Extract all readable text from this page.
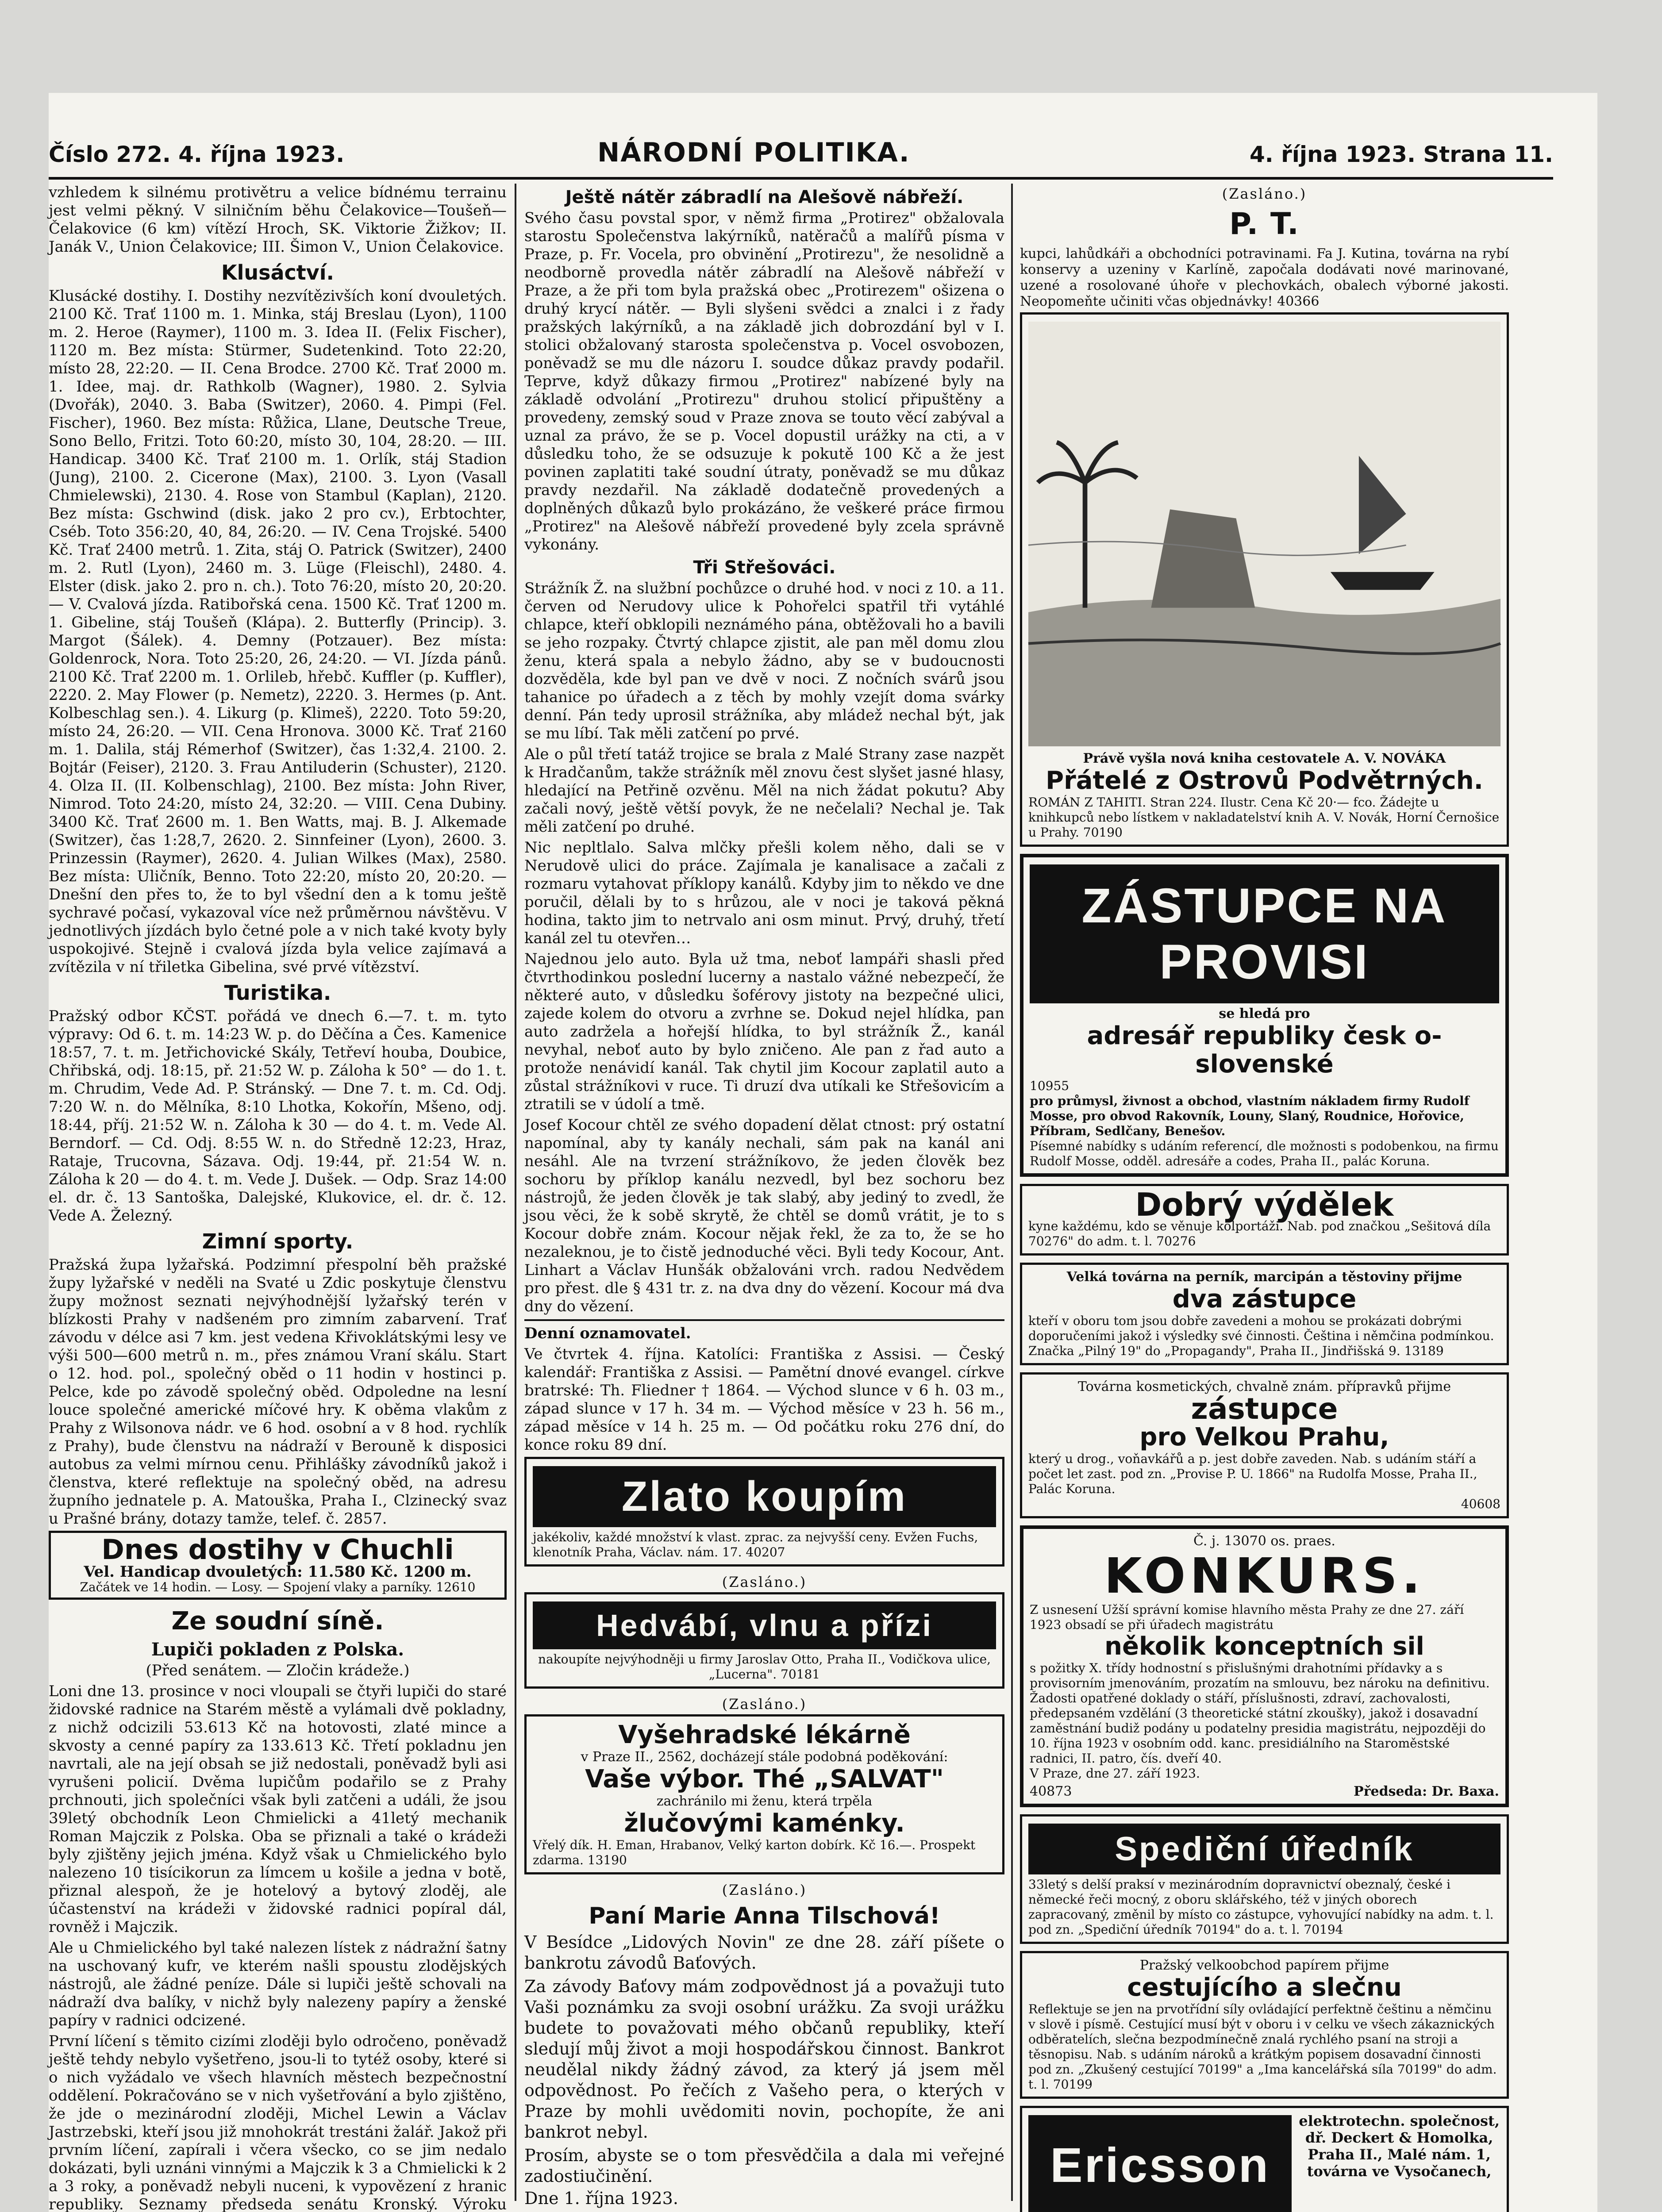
Číslo 272. 4. října 1923.	NÁRODNÍ POLITIKA.	4. října 1923. Strana 11.

vzhledem k silnému protivětru a velice bídnému terrainu jest velmi pěkný. V silničním běhu Čelakovice—Toušeň—Čelakovice (6 km) vítězí Hroch, SK. Viktorie Žižkov; II. Janák V., Union Čelakovice; III. Šimon V., Union Čelakovice.

Klusáctví.

Klusácké dostihy. I. Dostihy nezvítězivších koní dvouletých. 2100 Kč. Trať 1100 m. 1. Minka, stáj Breslau (Lyon), 1100 m. 2. Heroe (Raymer), 1100 m. 3. Idea II. (Felix Fischer), 1120 m. Bez místa: Stürmer, Sudetenkind. Toto 22:20, místo 28, 22:20. — II. Cena Brodce. 2700 Kč. Trať 2000 m. 1. Idee, maj. dr. Rathkolb (Wagner), 1980. 2. Sylvia (Dvořák), 2040. 3. Baba (Switzer), 2060. 4. Pimpi (Fel. Fischer), 1960. Bez místa: Růžica, Llane, Deutsche Treue, Sono Bello, Fritzi. Toto 60:20, místo 30, 104, 28:20. — III. Handicap. 3400 Kč. Trať 2100 m. 1. Orlík, stáj Stadion (Jung), 2100. 2. Cicerone (Max), 2100. 3. Lyon (Vasall Chmielewski), 2130. 4. Rose von Stambul (Kaplan), 2120. Bez místa: Gschwind (disk. jako 2 pro cv.), Erbtochter, Cséb. Toto 356:20, 40, 84, 26:20. — IV. Cena Trojské. 5400 Kč. Trať 2400 metrů. 1. Zita, stáj O. Patrick (Switzer), 2400 m. 2. Rutl (Lyon), 2460 m. 3. Lüge (Fleischl), 2480. 4. Elster (disk. jako 2. pro n. ch.). Toto 76:20, místo 20, 20:20. — V. Cvalová jízda. Ratibořská cena. 1500 Kč. Trať 1200 m. 1. Gibeline, stáj Toušeň (Klápa). 2. Butterfly (Princip). 3. Margot (Šálek). 4. Demny (Potzauer). Bez místa: Goldenrock, Nora. Toto 25:20, 26, 24:20. — VI. Jízda pánů. 2100 Kč. Trať 2200 m. 1. Orlileb, hřebč. Kuffler (p. Kuffler), 2220. 2. May Flower (p. Nemetz), 2220. 3. Hermes (p. Ant. Kolbeschlag sen.). 4. Likurg (p. Klimeš), 2220. Toto 59:20, místo 24, 26:20. — VII. Cena Hronova. 3000 Kč. Trať 2160 m. 1. Dalila, stáj Rémerhof (Switzer), čas 1:32,4. 2100. 2. Bojtár (Feiser), 2120. 3. Frau Antiluderin (Schuster), 2120. 4. Olza II. (II. Kolbenschlag), 2100. Bez místa: John River, Nimrod. Toto 24:20, místo 24, 32:20. — VIII. Cena Dubiny. 3400 Kč. Trať 2600 m. 1. Ben Watts, maj. B. J. Alkemade (Switzer), čas 1:28,7, 2620. 2. Sinnfeiner (Lyon), 2600. 3. Prinzessin (Raymer), 2620. 4. Julian Wilkes (Max), 2580. Bez místa: Uličník, Benno. Toto 22:20, místo 20, 20:20. — Dnešní den přes to, že to byl všední den a k tomu ještě sychravé počasí, vykazoval více než průměrnou návštěvu. V jednotlivých jízdách bylo četné pole a v nich také kvoty byly uspokojivé. Stejně i cvalová jízda byla velice zajímavá a zvítězila v ní třiletka Gibelina, své prvé vítězství.

Turistika.

Pražský odbor KČST. pořádá ve dnech 6.—7. t. m. tyto výpravy: Od 6. t. m. 14:23 W. p. do Děčína a Čes. Kamenice 18:57, 7. t. m. Jetřichovické Skály, Tetřeví houba, Doubice, Chřibská, odj. 18:15, př. 21:52 W. p. Záloha k 50° — do 1. t. m. Chrudim, Vede Ad. P. Stránský. — Dne 7. t. m. Cd. Odj. 7:20 W. n. do Mělníka, 8:10 Lhotka, Kokořín, Mšeno, odj. 18:44, příj. 21:52 W. n. Záloha k 30 — do 4. t. m. Vede Al. Berndorf. — Cd. Odj. 8:55 W. n. do Středně 12:23, Hraz, Rataje, Trucovna, Sázava. Odj. 19:44, př. 21:54 W. n. Záloha k 20 — do 4. t. m. Vede J. Dušek. — Odp. Sraz 14:00 el. dr. č. 13 Santoška, Dalejské, Klukovice, el. dr. č. 12. Vede A. Železný.

Zimní sporty.

Pražská župa lyžařská. Podzimní přespolní běh pražské župy lyžařské v neděli na Svaté u Zdic poskytuje členstvu župy možnost seznati nejvýhodnější lyžařský terén v blízkosti Prahy v nadšeném pro zimním zabarvení. Trať závodu v délce asi 7 km. jest vedena Křivoklátskými lesy ve výši 500—600 metrů n. m., přes známou Vraní skálu. Start o 12. hod. pol., společný oběd o 11 hodin v hostinci p. Pelce, kde po závodě společný oběd. Odpoledne na lesní louce společné americké míčové hry. K oběma vlakům z Prahy z Wilsonova nádr. ve 6 hod. osobní a v 8 hod. rychlík z Prahy), bude členstvu na nádraží v Berouně k disposici autobus za velmi mírnou cenu. Přihlášky závodníků jakož i členstva, které reflektuje na společný oběd, na adresu župního jednatele p. A. Matouška, Praha I., Clzinecký svaz u Prašné brány, dotazy tamže, telef. č. 2857.

Dnes dostihy v Chuchli
Vel. Handicap dvouletých: 11.580 Kč. 1200 m.
Začátek ve 14 hodin. — Losy. — Spojení vlaky a parníky. 12610
Ze soudní síně.
Lupiči pokladen z Polska.

(Před senátem. — Zločin krádeže.)

Loni dne 13. prosince v noci vloupali se čtyři lupiči do staré židovské radnice na Starém městě a vylámali dvě pokladny, z nichž odcizili 53.613 Kč na hotovosti, zlaté mince a skvosty a cenné papíry za 133.613 Kč. Třetí pokladnu jen navrtali, ale na její obsah se již nedostali, poněvadž byli asi vyrušeni policií. Dvěma lupičům podařilo se z Prahy prchnouti, jich společníci však byli zatčeni a událi, že jsou 39letý obchodník Leon Chmielicki a 41letý mechanik Roman Majczik z Polska. Oba se přiznali a také o krádeži byly zjištěny jejich jména. Když však u Chmielického bylo nalezeno 10 tisícikorun za límcem u košile a jedna v botě, přiznal alespoň, že je hotelový a bytový zloděj, ale účastenství na krádeži v židovské radnici popíral dál, rovněž i Majczik.

Ale u Chmielického byl také nalezen lístek z nádražní šatny na uschovaný kufr, ve kterém našli spoustu zlodějských nástrojů, ale žádné peníze. Dále si lupiči ještě schovali na nádraží dva balíky, v nichž byly nalezeny papíry a ženské papíry v radnici odcizené.

První líčení s těmito cizími zloději bylo odročeno, poněvadž ještě tehdy nebylo vyšetřeno, jsou-li to tytéž osoby, které si o nich vyžádalo ve všech hlavních městech bezpečnostní oddělení. Pokračováno se v nich vyšetřování a bylo zjištěno, že jde o mezinárodní zloději, Michel Lewin a Václav Jastrzebski, kteří jsou již mnohokrát trestáni žalář. Jakož při prvním líčení, zapírali i včera všecko, co se jim nedalo dokázati, byli uznáni vinnými a Majczik k 3 a Chmielicki k 2 a 3 roky, a poněvadž nebyli nuceni, k vypovězení z hranic republiky. Seznamy předseda senátu Kronský. Výroku

Ještě nátěr zábradlí na Alešově nábřeží.

Svého času povstal spor, v němž firma „Protirez" obžalovala starostu Společenstva lakýrníků, natěračů a malířů písma v Praze, p. Fr. Vocela, pro obvinění „Protirezu", že nesolidně a neodborně provedla nátěr zábradlí na Alešově nábřeží v Praze, a že při tom byla pražská obec „Protirezem" ošizena o druhý krycí nátěr. — Byli slyšeni svědci a znalci i z řady pražských lakýrníků, a na základě jich dobrozdání byl v I. stolici obžalovaný starosta společenstva p. Vocel osvobozen, poněvadž se mu dle názoru I. soudce důkaz pravdy podařil. Teprve, když důkazy firmou „Protirez" nabízené byly na základě odvolání „Protirezu" druhou stolicí připuštěny a provedeny, zemský soud v Praze znova se touto věcí zabýval a uznal za právo, že se p. Vocel dopustil urážky na cti, a v důsledku toho, že se odsuzuje k pokutě 100 Kč a že jest povinen zaplatiti také soudní útraty, poněvadž se mu důkaz pravdy nezdařil. Na základě dodatečně provedených a doplněných důkazů bylo prokázáno, že veškeré práce firmou „Protirez" na Alešově nábřeží provedené byly zcela správně vykonány.

Tři Střešováci.

Strážník Ž. na službní pochůzce o druhé hod. v noci z 10. a 11. červen od Nerudovy ulice k Pohořelci spatřil tři vytáhlé chlapce, kteří obklopili neznámého pána, obtěžovali ho a bavili se jeho rozpaky. Čtvrtý chlapce zjistit, ale pan měl domu zlou ženu, která spala a nebylo žádno, aby se v budoucnosti dozvěděla, kde byl pan ve dvě v noci. Z nočních svárů jsou tahanice po úřadech a z těch by mohly vzejít doma svárky denní. Pán tedy uprosil strážníka, aby mládež nechal být, jak se mu líbí. Tak měli zatčení po prvé.

Ale o půl třetí tatáž trojice se brala z Malé Strany zase nazpět k Hradčanům, takže strážník měl znovu čest slyšet jasné hlasy, hledající na Petřině ozvěnu. Měl na nich žádat pokutu? Aby začali nový, ještě větší povyk, že ne nečelali? Nechal je. Tak měli zatčení po druhé.

Nic nepltlalo. Salva mlčky přešli kolem něho, dali se v Nerudově ulici do práce. Zajímala je kanalisace a začali z rozmaru vytahovat příklopy kanálů. Kdyby jim to někdo ve dne poručil, dělali by to s hrůzou, ale v noci je taková pěkná hodina, takto jim to netrvalo ani osm minut. Prvý, druhý, třetí kanál zel tu otevřen…

Najednou jelo auto. Byla už tma, neboť lampáři shasli před čtvrthodinkou poslední lucerny a nastalo vážné nebezpečí, že některé auto, v důsledku šoférovy jistoty na bezpečné ulici, zajede kolem do otvoru a zvrhne se. Dokud nejel hlídka, pan auto zadržela a hořejší hlídka, to byl strážník Ž., kanál nevyhal, neboť auto by bylo zničeno. Ale pan z řad auto a protože nenávidí kanál. Tak chytil jim Kocour zaplatil auto a zůstal strážníkovi v ruce. Ti druzí dva utíkali ke Střešovicím a ztratili se v údolí a tmě.

Josef Kocour chtěl ze svého dopadení dělat ctnost: prý ostatní napomínal, aby ty kanály nechali, sám pak na kanál ani nesáhl. Ale na tvrzení strážníkovo, že jeden člověk bez sochoru by příklop kanálu nezvedl, byl bez sochoru bez nástrojů, že jeden člověk je tak slabý, aby jediný to zvedl, že jsou věci, že k sobě skrytě, že chtěl se domů vrátit, je to s Kocour dobře znám. Kocour nějak řekl, že za to, že se ho nezaleknou, je to čistě jednoduché věci. Byli tedy Kocour, Ant. Linhart a Václav Hunšák obžalováni vrch. radou Nedvědem pro přest. dle § 431 tr. z. na dva dny do vězení. Kocour má dva dny do vězení.

Denní oznamovatel.

Ve čtvrtek 4. října. Katolíci: Františka z Assisi. — Český kalendář: Františka z Assisi. — Pamětní dnové evangel. církve bratrské: Th. Fliedner † 1864. — Východ slunce v 6 h. 03 m., západ slunce v 17 h. 34 m. — Východ měsíce v 23 h. 56 m., západ měsíce v 14 h. 25 m. — Od počátku roku 276 dní, do konce roku 89 dní.

Zlato koupím
jakékoliv, každé množství k vlast. zprac. za nejvyšší ceny. Evžen Fuchs, klenotník Praha, Václav. nám. 17. 40207
(Zasláno.)
Hedvábí, vlnu a přízi
nakoupíte nejvýhodněji u firmy Jaroslav Otto, Praha II., Vodičkova ulice, „Lucerna". 70181
(Zasláno.)
Vyšehradské lékárně
v Praze II., 2562, docházejí stále podobná poděkování:
Vaše výbor. Thé „SALVAT"
zachránilo mi ženu, která trpěla
žlučovými kaménky.
Vřelý dík. H. Eman, Hrabanov, Velký karton dobírk. Kč 16.—. Prospekt zdarma. 13190
(Zasláno.)
Paní Marie Anna Tilschová!

V Besídce „Lidových Novin" ze dne 28. září píšete o bankrotu závodů Baťových.

Za závody Baťovy mám zodpovědnost já a považuji tuto Vaši poznámku za svoji osobní urážku. Za svoji urážku budete to považovati mého občanů republiky, kteří sledují můj život a moji hospodářskou činnost. Bankrot neudělal nikdy žádný závod, za který já jsem měl odpovědnost. Po řečích z Vašeho pera, o kterých v Praze by mohli uvědomiti novin, pochopíte, že ani bankrot nebyl.

Prosím, abyste se o tom přesvědčila a dala mi veřejné zadostiučinění.

Dne 1. října 1923.

(Zasláno.)
P. T.

kupci, lahůdkáři a obchodníci potravinami. Fa J. Kutina, továrna na rybí konservy a uzeniny v Karlíně, započala dodávati nové marinované, uzené a rosolované úhoře v plechovkách, obalech výborné jakosti. Neopomeňte učiniti včas objednávky! 40366

Právě vyšla nová kniha cestovatele A. V. NOVÁKA
Přátelé z Ostrovů Podvětrných.
ROMÁN Z TAHITI. Stran 224. Ilustr. Cena Kč 20·— fco. Žádejte u knihkupců nebo lístkem v nakladatelství knih A. V. Novák, Horní Černošice u Prahy. 70190
ZÁSTUPCE NA PROVISI
se hledá pro
adresář republiky česk o-slovenské
10955
pro průmysl, živnost a obchod, vlastním nákladem firmy Rudolf Mosse, pro obvod Rakovník, Louny, Slaný, Roudnice, Hořovice, Příbram, Sedlčany, Benešov.
Písemné nabídky s udáním referencí, dle možnosti s podobenkou, na firmu Rudolf Mosse, odděl. adresáře a codes, Praha II., palác Koruna.
Dobrý výdělek
kyne každému, kdo se věnuje kolportáži. Nab. pod značkou „Sešitová díla 70276" do adm. t. l. 70276
Velká továrna na perník, marcipán a těstoviny přijme
dva zástupce
kteří v oboru tom jsou dobře zavedeni a mohou se prokázati dobrými doporučeními jakož i výsledky své činnosti. Čeština i němčina podmínkou. Značka „Pilný 19" do „Propagandy", Praha II., Jindřišská 9. 13189
Továrna kosmetických, chvalně znám. přípravků přijme
zástupce
pro Velkou Prahu,
který u drog., voňavkářů a p. jest dobře zaveden. Nab. s udáním stáří a počet let zast. pod zn. „Provise P. U. 1866" na Rudolfa Mosse, Praha II., Palác Koruna.
40608
Č. j. 13070 os. praes.
KONKURS.
Z usnesení Užší správní komise hlavního města Prahy ze dne 27. září 1923 obsadí se při úřadech magistrátu
několik konceptních sil
s požitky X. třídy hodnostní s přislušnými drahotními přídavky a s provisorním jmenováním, prozatím na smlouvu, bez nároku na definitivu.
Žadosti opatřené doklady o stáří, příslušnosti, zdraví, zachovalosti, předepsaném vzdělání (3 theoretické státní zkoušky), jakož i dosavadní zaměstnání budiž podány u podatelny presidia magistrátu, nejpozději do 10. října 1923 v osobním odd. kanc. presidiálního na Staroměstské radnici, II. patro, čís. dveří 40.
V Praze, dne 27. září 1923.
40873	Předseda: Dr. Baxa.
Spediční úředník
33letý s delší praksí v mezinárodním dopravnictví obeznalý, české i německé řeči mocný, z oboru sklářského, též v jiných oborech zapracovaný, změnil by místo co zástupce, vyhovující nabídky na adm. t. l. pod zn. „Spediční úředník 70194" do a. t. l. 70194
Pražský velkoobchod papírem přijme
cestujícího a slečnu
Reflektuje se jen na prvotřídní síly ovládající perfektně češtinu a němčinu v slově i písmě. Cestující musí být v oboru i v celku ve všech zákaznických odběratelích, slečna bezpodmínečně znalá rychlého psaní na stroji a těsnopisu. Nab. s udáním nároků a krátkým popisem dosavadní činnosti pod zn. „Zkušený cestující 70199" a „Ima kancelářská síla 70199" do adm. t. l. 70199
Ericsson
elektrotechn. společnost, dř. Deckert & Homolka, Praha II., Malé nám. 1, továrna ve Vysočanech,
